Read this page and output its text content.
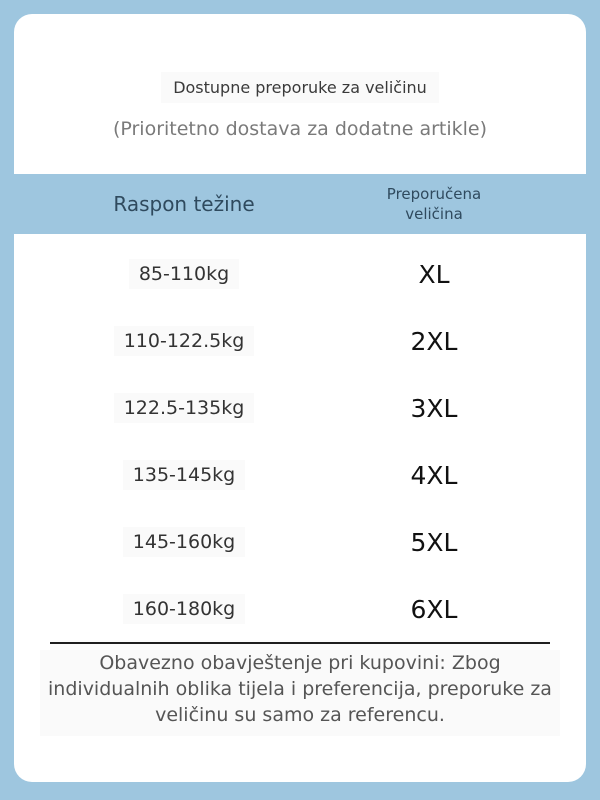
Dostupne preporuke za veličinu
(Prioritetno dostava za dodatne artikle)
Raspon težine	Preporučena
veličina
85-110kg	XL
110-122.5kg	2XL
122.5-135kg	3XL
135-145kg	4XL
145-160kg	5XL
160-180kg	6XL
Obavezno obavještenje pri kupovini: Zbog individualnih oblika tijela i preferencija, preporuke za veličinu su samo za referencu.
